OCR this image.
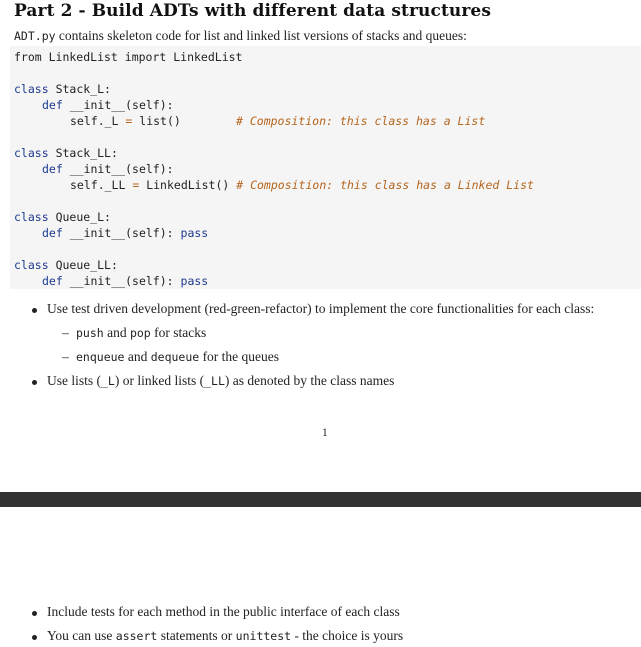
Part 2 - Build ADTs with different data structures
ADT.py contains skeleton code for list and linked list versions of stacks and queues:
from LinkedList import LinkedList
class Stack_L:
def __init__(self):
self._L = list()	# Composition: this class has a List
class Stack_LL:
def __init__(self):
self._LL = LinkedList() # Composition: this class has a Linked List
class Queue_L:
def __init__(self): pass
class Queue_LL:
def __init__(self): pass
Use test driven development (red-green-refactor) to implement the core functionalities for each class:
– push and pop for stacks
– enqueue and dequeue for the queues
Use lists (_L) or linked lists (_LL) as denoted by the class names
1
Include tests for each method in the public interface of each class
You can use assert statements or unittest - the choice is yours
